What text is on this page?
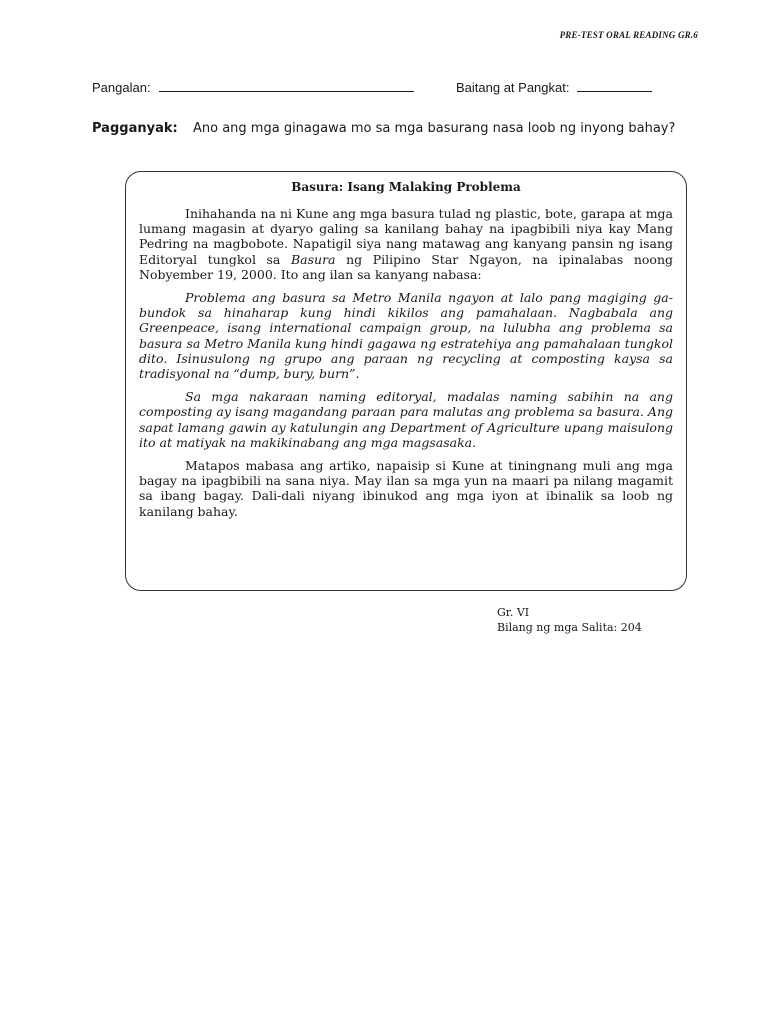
PRE-TEST ORAL READING GR.6
Pangalan:	Baitang at Pangkat:
Pagganyak: Ano ang mga ginagawa mo sa mga basurang nasa loob ng inyong bahay?
Basura: Isang Malaking Problema

Inihahanda na ni Kune ang mga basura tulad ng plastic, bote, garapa at mga lumang magasin at dyaryo galing sa kanilang bahay na ipagbibili niya kay Mang Pedring na magbobote. Napatigil siya nang matawag ang kanyang pansin ng isang Editoryal tungkol sa Basura ng Pilipino Star Ngayon, na ipinalabas noong Nobyember 19, 2000. Ito ang ilan sa kanyang nabasa:

Problema ang basura sa Metro Manila ngayon at lalo pang magiging ga-bundok sa hinaharap kung hindi kikilos ang pamahalaan. Nagbabala ang Greenpeace, isang international campaign group, na lulubha ang problema sa basura sa Metro Manila kung hindi gagawa ng estratehiya ang pamahalaan tungkol dito. Isinusulong ng grupo ang paraan ng recycling at composting kaysa sa tradisyonal na “dump, bury, burn”.

Sa mga nakaraan naming editoryal, madalas naming sabihin na ang composting ay isang magandang paraan para malutas ang problema sa basura. Ang sapat lamang gawin ay katulungin ang Department of Agriculture upang maisulong ito at matiyak na makikinabang ang mga magsasaka.

Matapos mabasa ang artiko, napaisip si Kune at tiningnang muli ang mga bagay na ipagbibili na sana niya. May ilan sa mga yun na maari pa nilang magamit sa ibang bagay. Dali-dali niyang ibinukod ang mga iyon at ibinalik sa loob ng kanilang bahay.

Gr. VI
Bilang ng mga Salita: 204
